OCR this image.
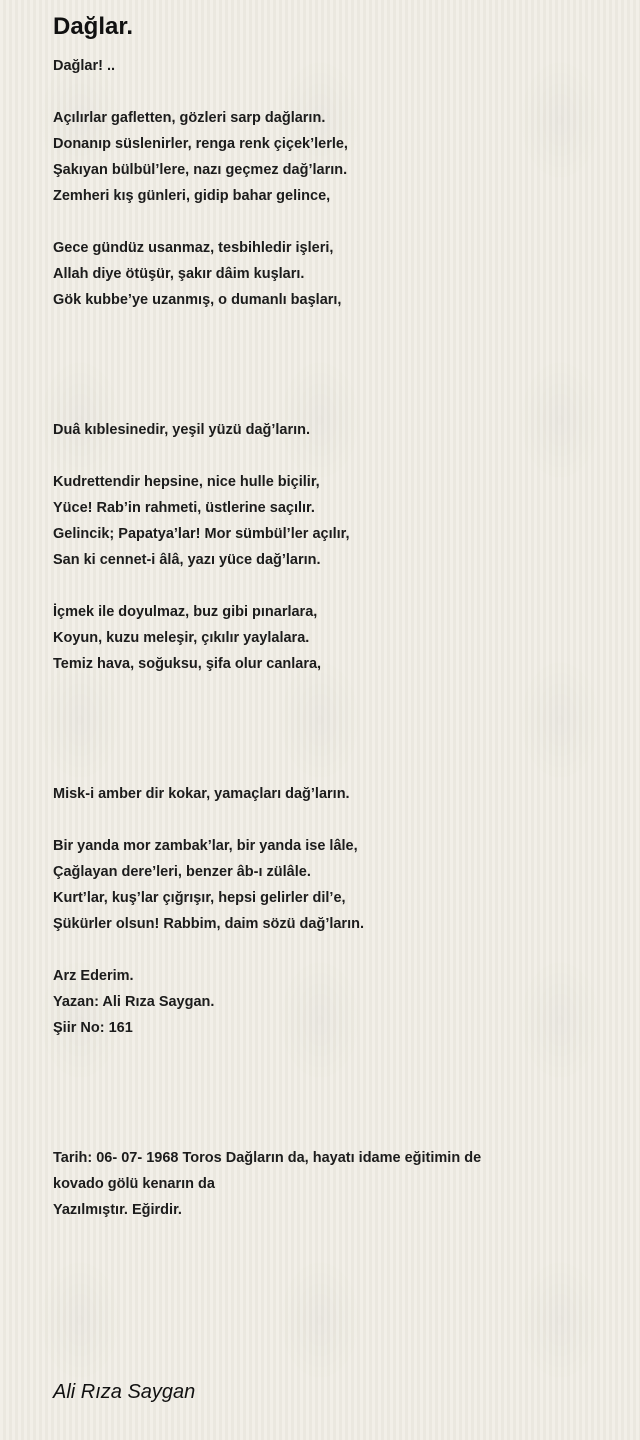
Dağlar.
Dağlar! ..
Açılırlar gafletten, gözleri sarp dağların.
Donanıp süslenirler, renga renk çiçek’lerle,
Şakıyan bülbül’lere, nazı geçmez dağ’ların.
Zemheri kış günleri, gidip bahar gelince,
Gece gündüz usanmaz, tesbihledir işleri,
Allah diye ötüşür, şakır dâim kuşları.
Gök kubbe’ye uzanmış, o dumanlı başları,
Duâ kıblesinedir, yeşil yüzü dağ’ların.
Kudrettendir hepsine, nice hulle biçilir,
Yüce! Rab’in rahmeti, üstlerine saçılır.
Gelincik; Papatya’lar! Mor sümbül’ler açılır,
San ki cennet-i âlâ, yazı yüce dağ’ların.
İçmek ile doyulmaz, buz gibi pınarlara,
Koyun, kuzu meleşir, çıkılır yaylalara.
Temiz hava, soğuksu, şifa olur canlara,
Misk-i amber dir kokar, yamaçları dağ’ların.
Bir yanda mor zambak’lar, bir yanda ise lâle,
Çağlayan dere’leri, benzer âb-ı zülâle.
Kurt’lar, kuş’lar çığrışır, hepsi gelirler dil’e,
Şükürler olsun! Rabbim, daim sözü dağ’ların.
Arz Ederim.
Yazan: Ali Rıza Saygan.
Şiir No: 161
Tarih: 06- 07- 1968 Toros Dağların da, hayatı idame eğitimin de
kovado gölü kenarın da
Yazılmıştır. Eğirdir.
Ali Rıza Saygan
